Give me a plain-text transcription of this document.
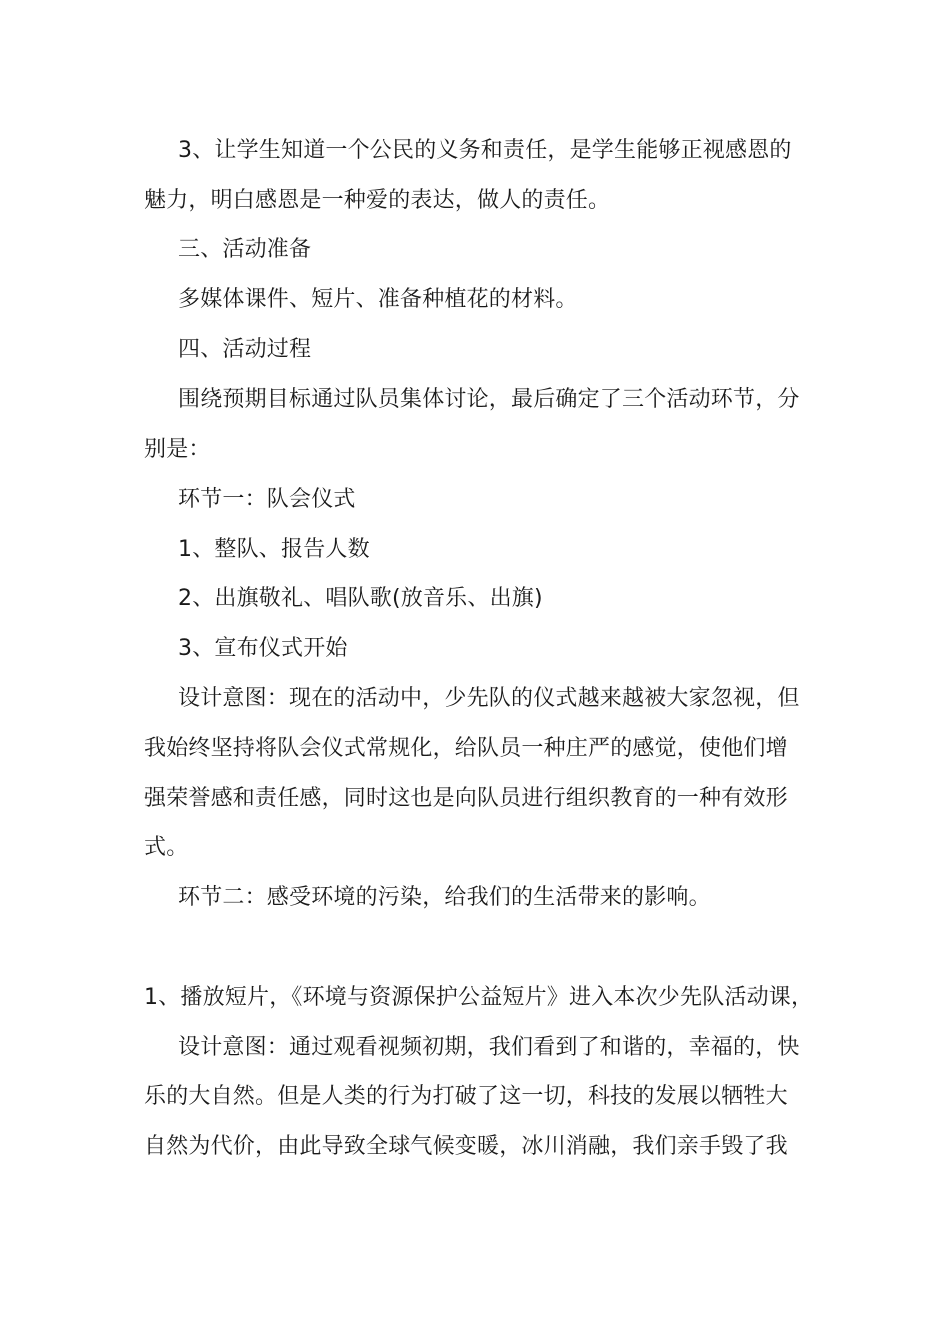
3、让学生知道一个公民的义务和责任，是学生能够正视感恩的
魅力，明白感恩是一种爱的表达，做人的责任。
三、活动准备
多媒体课件、短片、准备种植花的材料。
四、活动过程
围绕预期目标通过队员集体讨论，最后确定了三个活动环节，分
别是：
环节一：队会仪式
1、整队、报告人数
2、出旗敬礼、唱队歌(放音乐、出旗)
3、宣布仪式开始
设计意图：现在的活动中，少先队的仪式越来越被大家忽视，但
我始终坚持将队会仪式常规化，给队员一种庄严的感觉，使他们增
强荣誉感和责任感，同时这也是向队员进行组织教育的一种有效形
式。
环节二：感受环境的污染，给我们的生活带来的影响。
1、播放短片，《环境与资源保护公益短片》进入本次少先队活动课，
设计意图：通过观看视频初期，我们看到了和谐的，幸福的，快
乐的大自然。但是人类的行为打破了这一切，科技的发展以牺牲大
自然为代价，由此导致全球气候变暖，冰川消融，我们亲手毁了我
